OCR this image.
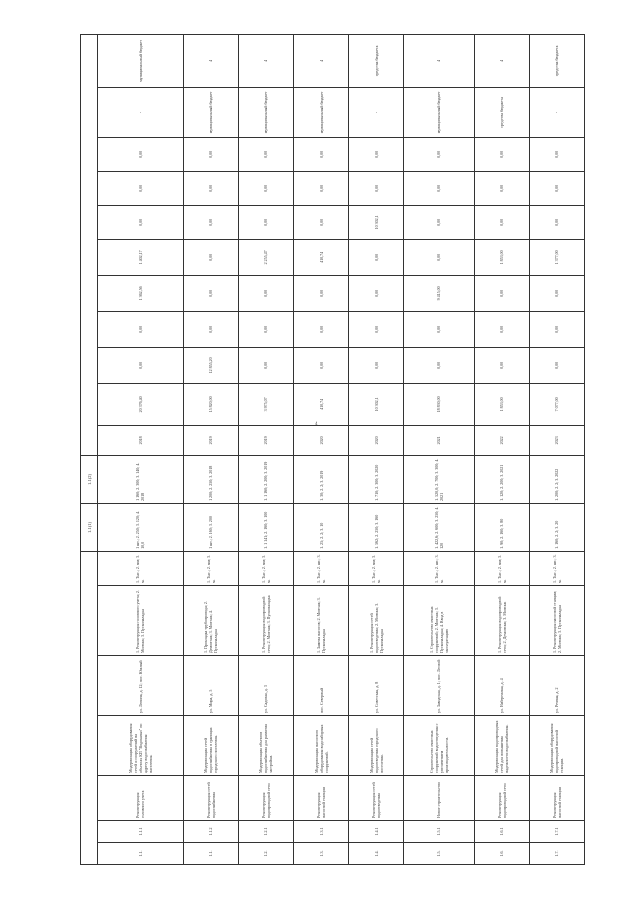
4
							1.1(1)	1.1(2)											
1.1.	1.1.1	Реконструкция головного учета	Модернизация оборудования сетей и сооружений на объектах КП "Водоканал" по адресу водоснабжения населения.	ул. Ленина, д. 12; пос. Южный	1. Реконструкция головного учета; 2. Монтаж; 3. Пусконаладка	1. Тыс.; 2. мм; 3. м.	1 шт.; 2. 250; 3. 120; 4. 10,0	1 160; 2. 300; 3. 140; 4. 2018	2018	20 376,40	0,00	0,00	1 362,56	1 402,17	0,00	0,00	0,00	-	муниципальный бюджет
1.1.	1.1.2	Реконструкция сетей водоснабжения	Модернизация сетей водоснабжения в границах городского поселения.	ул. Мира, д. 5	1. Прокладка трубопровода; 2. Демонтаж; 3. Монтаж; 4. Пусконаладка	1. Тыс.; 2. мм; 3. м.	1 шт.; 2. 160; 3. 200	1 200; 2. 250; 3. 2018	2019	15 820,00	12 855,20	0,00	0,00	0,00	0,00	0,00	0,00	муниципальный бюджет	4
1.2.	1.2.1	Реконструкция водопроводной сети	Модернизация объектов водоснабжения для развития застройки.	ул. Садовая, д. 3	1. Реконструкция водопроводной сети; 2. Монтаж; 3. Пусконаладка	1. Тыс.; 2. мм; 3. м.	1. 1 141; 2. 160; 3. 100	1. 1 160; 2. 200; 3. 2019	2019	3 975,07	0,00	0,00	0,00	2 255,47	0,00	0,00	0,00	муниципальный бюджет	4
1.3.	1.3.1	Реконструкция насосной станции	Модернизация насосного оборудования водозаборных сооружений.	пос. Северный	1. Замена насосов; 2. Монтаж; 3. Пусконаладка	1. Тыс.; 2. шт.; 3. м.	1. 25; 2. 2; 3. 10	1. 30; 2. 2; 3. 2019	2020	410,74	0,00	0,00	0,00	410,74	0,00	0,00	0,00	муниципальный бюджет	4
1.4.	1.4.1	Реконструкция сетей водоотведения	Модернизация сетей водоотведения городского поселения.	ул. Советская, д. 8	1. Реконструкция сетей водоотведения; 2. Монтаж; 3. Пусконаладка	1. Тыс.; 2. мм; 3. м.	1. 562; 2. 250; 3. 160	1. 710; 2. 300; 3. 2020	2020	10 302,1	0,00	0,00	0,00	0,00	10 302,1	0,00	0,00	-	средства бюджета
1.5.	1.5.1	Новое строительство	Строительство очистных сооружений водоотведения с увеличением производительности.	ул. Заводская, д. 1; пос. Лесной	1. Строительство очистных сооружений; 2. Монтаж; 3. Пусконаладка; 4. Ввод в эксплуатацию	1. Тыс.; 2. шт.; 3. м.	1. 422,6; 2. 600; 3. 250; 4. 120	1. 520,0; 2. 700; 3. 300; 4. 2021	2021	18 830,00	0,00	0,00	9 415,00	0,00	0,00	0,00	0,00	муниципальный бюджет	4
1.6.	1.6.1	Реконструкция водопроводной сети	Модернизация водопроводных сетей для повышения надежности водоснабжения.	ул. Набережная, д. 4	1. Реконструкция водопроводной сети; 2. Демонтаж; 3. Монтаж	1. Тыс.; 2. мм; 3. м.	1. 90; 2. 160; 3. 80	1. 120; 2. 200; 3. 2021	2022	1 853,00	0,00	0,00	0,00	1 853,00	0,00	0,00	0,00	средства бюджета	4
1.7.	1.7.1	Реконструкция насосной станции	Модернизация оборудования водопроводной насосной станции.	ул. Речная, д. 2	1. Реконструкция насосной станции; 2. Монтаж; 3. Пусконаладка	1. Тыс.; 2. шт.; 3. м.	1. 160; 2. 2; 3. 20	1. 200; 2. 2; 3. 2022	2023	7 077,00	0,00	0,00	0,00	1 377,00	0,00	0,00	0,00	-	средства бюджета
